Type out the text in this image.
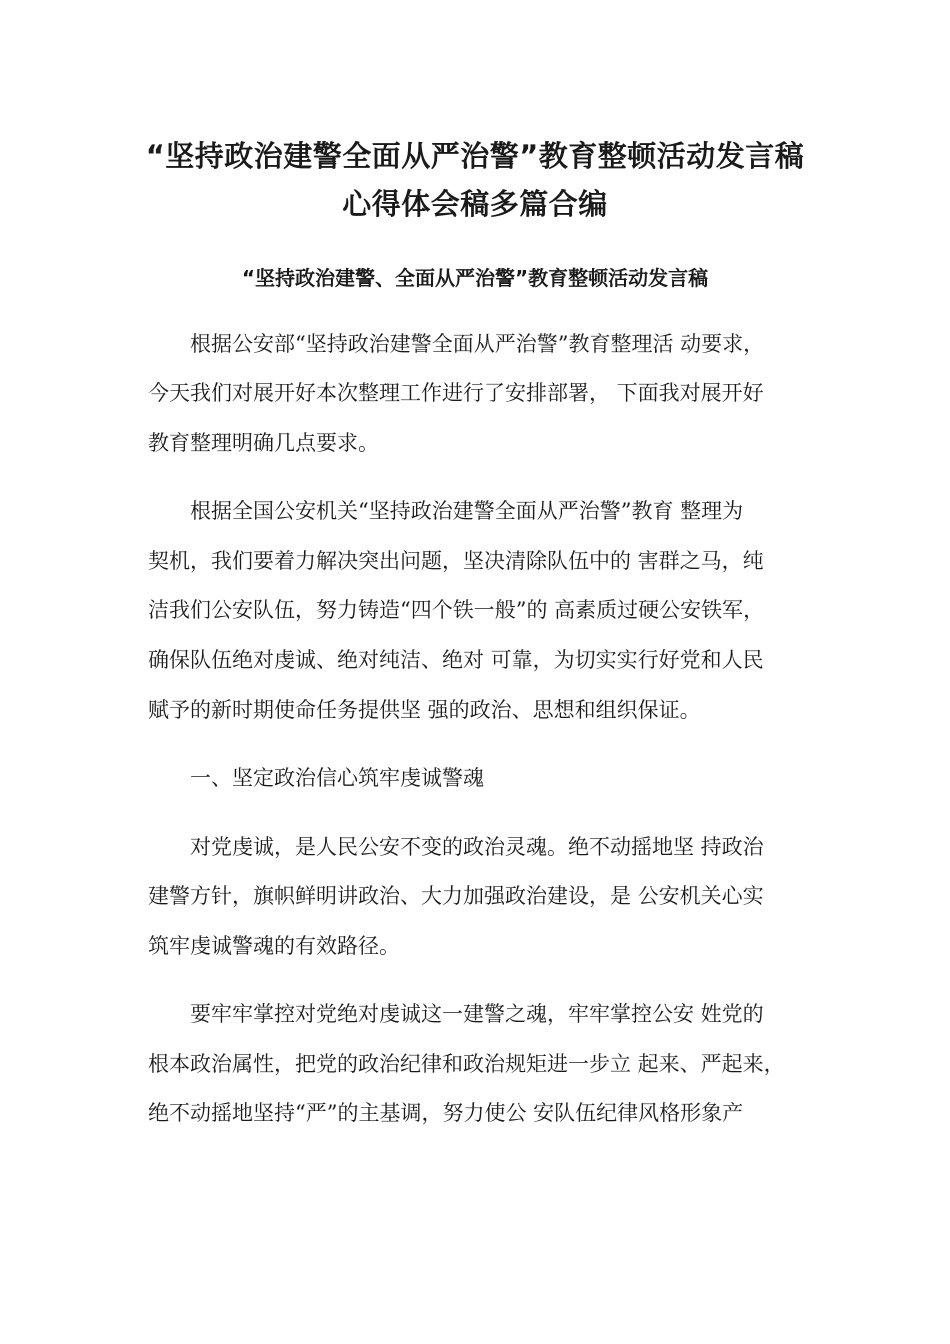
“坚持政治建警全面从严治警”教育整顿活动发言稿
心得体会稿多篇合编
“坚持政治建警、全面从严治警”教育整顿活动发言稿
根据公安部“坚持政治建警全面从严治警”教育整理活 动要求，
今天我们对展开好本次整理工作进行了安排部署， 下面我对展开好
教育整理明确几点要求。
根据全国公安机关“坚持政治建警全面从严治警”教育 整理为
契机，我们要着力解决突出问题，坚决清除队伍中的 害群之马，纯
洁我们公安队伍，努力铸造“四个铁一般”的 高素质过硬公安铁军，
确保队伍绝对虔诚、绝对纯洁、绝对 可靠，为切实实行好党和人民
赋予的新时期使命任务提供坚 强的政治、思想和组织保证。
一、坚定政治信心筑牢虔诚警魂
对党虔诚，是人民公安不变的政治灵魂。绝不动摇地坚 持政治
建警方针，旗帜鲜明讲政治、大力加强政治建设，是 公安机关心实
筑牢虔诚警魂的有效路径。
要牢牢掌控对党绝对虔诚这一建警之魂，牢牢掌控公安 姓党的
根本政治属性，把党的政治纪律和政治规矩进一步立 起来、严起来，
绝不动摇地坚持“严”的主基调，努力使公 安队伍纪律风格形象产
